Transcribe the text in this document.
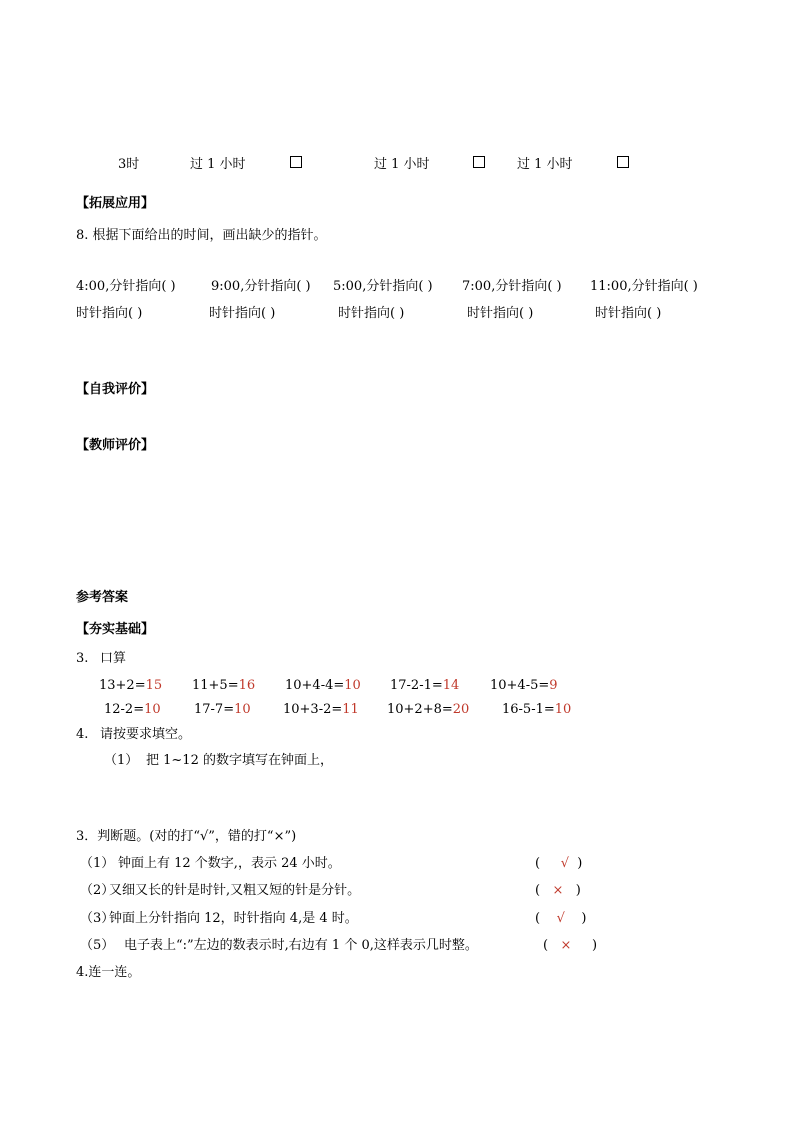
3时	过 1 小时	过 1 小时	过 1 小时
【拓展应用】
8. 根据下面给出的时间，画出缺少的指针。
4:00,分针指向( )	9:00,分针指向( ) 5:00,分针指向( ) 7:00,分针指向( ) 11:00,分针指向( )
时针指向( )	时针指向( )	时针指向( )	时针指向( )	时针指向( )
【自我评价】
【教师评价】
参考答案
【夯实基础】
3. 口算
13+2=15 11+5=16 10+4-4=10 17-2-1=14 10+4-5=9
12-2=10	17-7=10 10+3-2=11 10+2+8=20	16-5-1=10
4. 请按要求填空。
（1） 把 1~12 的数字填写在钟面上，
3．判断题。(对的打“√”，错的打“×”)
（1） 钟面上有 12 个数字,，表示 24 小时。	(     √  )
（2）
又细又长的针是时针,又粗又短的针是分针。	(   ×   )
（3）
钟面上分针指向 12，时针指向 4,是 4 时。	(    √    )
（5） 电子表上“:”左边的数表示时,右边有 1 个 0,这样表示几时整。	(   ×     )
4.连一连。
